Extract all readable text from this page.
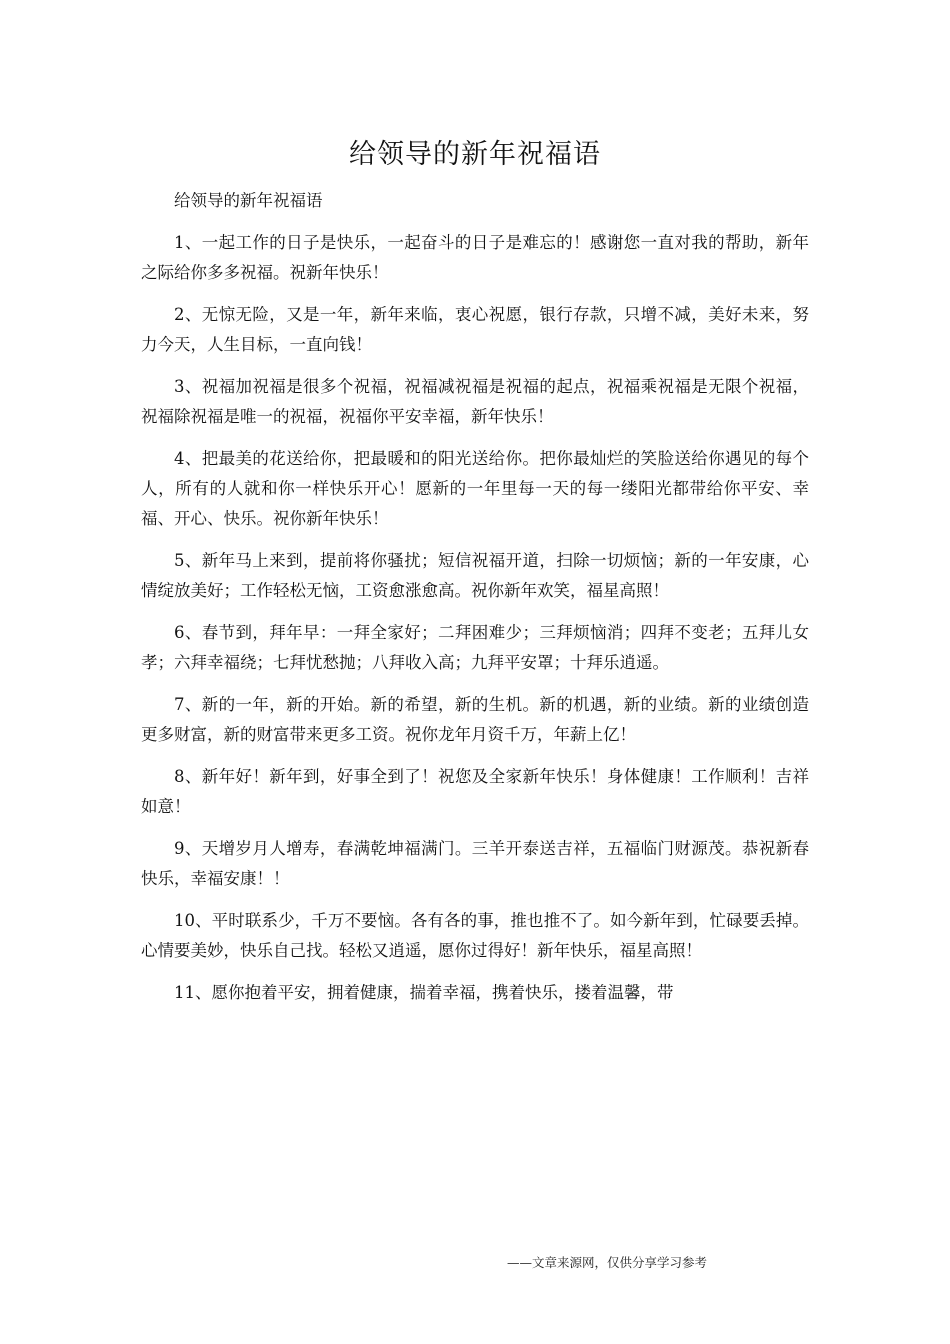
给领导的新年祝福语

给领导的新年祝福语

1、一起工作的日子是快乐，一起奋斗的日子是难忘的！感谢您一直对我的帮助，新年之际给你多多祝福。祝新年快乐！

2、无惊无险，又是一年，新年来临，衷心祝愿，银行存款，只增不减，美好未来，努力今天，人生目标，一直向钱！

3、祝福加祝福是很多个祝福，祝福减祝福是祝福的起点，祝福乘祝福是无限个祝福，祝福除祝福是唯一的祝福，祝福你平安幸福，新年快乐！

4、把最美的花送给你，把最暖和的阳光送给你。把你最灿烂的笑脸送给你遇见的每个人，所有的人就和你一样快乐开心！愿新的一年里每一天的每一缕阳光都带给你平安、幸福、开心、快乐。祝你新年快乐！

5、新年马上来到，提前将你骚扰；短信祝福开道，扫除一切烦恼；新的一年安康，心情绽放美好；工作轻松无恼，工资愈涨愈高。祝你新年欢笑，福星高照！

6、春节到，拜年早：一拜全家好；二拜困难少；三拜烦恼消；四拜不变老；五拜儿女孝；六拜幸福绕；七拜忧愁抛；八拜收入高；九拜平安罩；十拜乐逍遥。

7、新的一年，新的开始。新的希望，新的生机。新的机遇，新的业绩。新的业绩创造更多财富，新的财富带来更多工资。祝你龙年月资千万，年薪上亿！

8、新年好！新年到，好事全到了！祝您及全家新年快乐！身体健康！工作顺利！吉祥如意！

9、天增岁月人增寿，春满乾坤福满门。三羊开泰送吉祥，五福临门财源茂。恭祝新春快乐，幸福安康！！

10、平时联系少，千万不要恼。各有各的事，推也推不了。如今新年到，忙碌要丢掉。心情要美妙，快乐自己找。轻松又逍遥，愿你过得好！新年快乐，福星高照！

11、愿你抱着平安，拥着健康，揣着幸福，携着快乐，搂着温馨，带

——文章来源网，仅供分享学习参考
